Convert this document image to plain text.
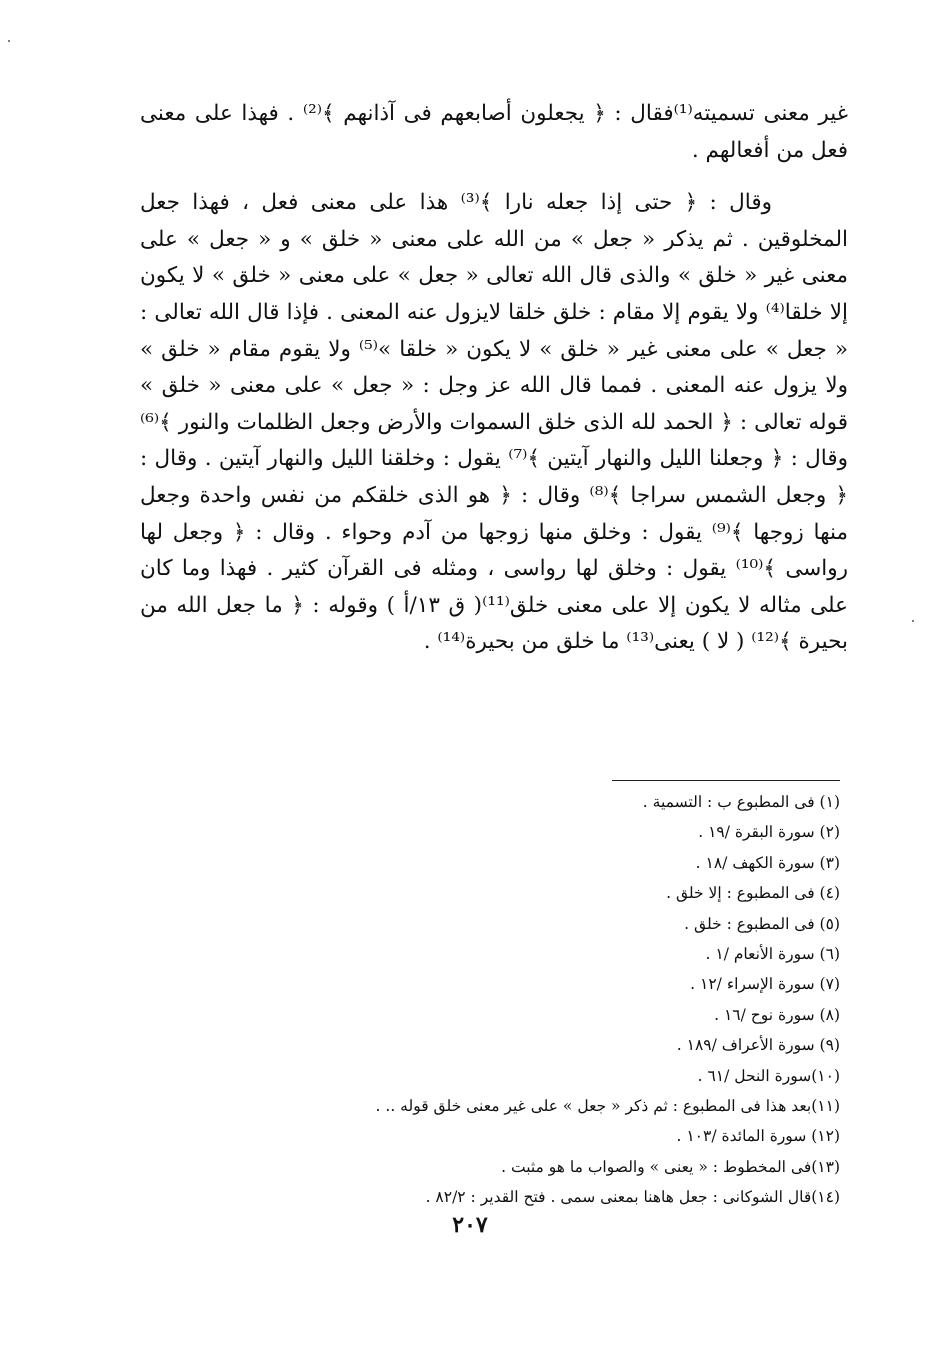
غير معنى تسميته⁽¹⁾فقال : ﴿ يجعلون أصابعهم فى آذانهم ﴾⁽²⁾ . فهذا على معنى فعل من أفعالهم .

وقال : ﴿ حتى إذا جعله نارا ﴾⁽³⁾ هذا على معنى فعل ، فهذا جعل المخلوقين . ثم يذكر « جعل » من الله على معنى « خلق » و « جعل » على معنى غير « خلق » والذى قال الله تعالى « جعل » على معنى « خلق » لا يكون إلا خلقا⁽⁴⁾ ولا يقوم إلا مقام : خلق خلقا لايزول عنه المعنى . فإذا قال الله تعالى : « جعل » على معنى غير « خلق » لا يكون « خلقا »⁽⁵⁾ ولا يقوم مقام « خلق » ولا يزول عنه المعنى . فمما قال الله عز وجل : « جعل » على معنى « خلق » قوله تعالى : ﴿ الحمد لله الذى خلق السموات والأرض وجعل الظلمات والنور ﴾⁽⁶⁾ وقال : ﴿ وجعلنا الليل والنهار آيتين ﴾⁽⁷⁾ يقول : وخلقنا الليل والنهار آيتين . وقال : ﴿ وجعل الشمس سراجا ﴾⁽⁸⁾ وقال : ﴿ هو الذى خلقكم من نفس واحدة وجعل منها زوجها ﴾⁽⁹⁾ يقول : وخلق منها زوجها من آدم وحواء . وقال : ﴿ وجعل لها رواسى ﴾⁽¹⁰⁾ يقول : وخلق لها رواسى ، ومثله فى القرآن كثير . فهذا وما كان على مثاله لا يكون إلا على معنى خلق⁽¹¹⁾( ق ١٣/أ ) وقوله : ﴿ ما جعل الله من بحيرة ﴾⁽¹²⁾ ( لا ) يعنى⁽¹³⁾ ما خلق من بحيرة⁽¹⁴⁾ .

(١) فى المطبوع ب : التسمية .
(٢) سورة البقرة /١٩ .
(٣) سورة الكهف /١٨ .
(٤) فى المطبوع : إلا خلق .
(٥) فى المطبوع : خلق .
(٦) سورة الأنعام /١ .
(٧) سورة الإسراء /١٢ .
(٨) سورة نوح /١٦ .
(٩) سورة الأعراف /١٨٩ .
(١٠)سورة النحل /٦١ .
(١١)بعد هذا فى المطبوع : ثم ذكر « جعل » على غير معنى خلق قوله .. .
(١٢) سورة المائدة /١٠٣ .
(١٣)فى المخطوط : « يعنى » والصواب ما هو مثبت .
(١٤)قال الشوكانى : جعل هاهنا بمعنى سمى . فتح القدير : ٨٢/٢ .
٢٠٧
